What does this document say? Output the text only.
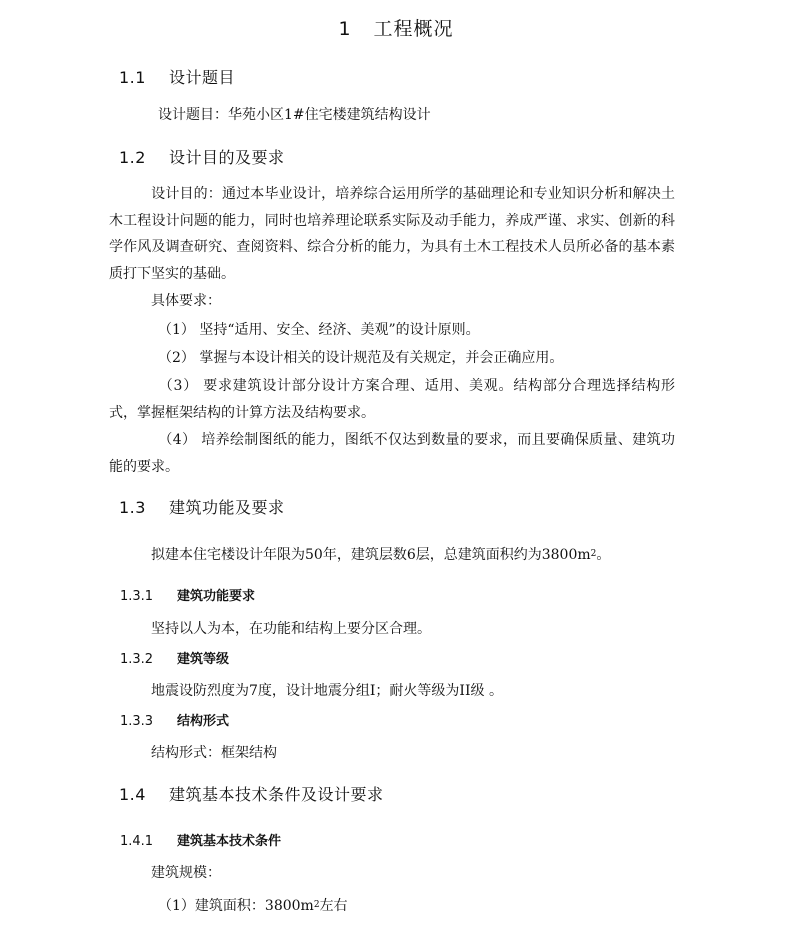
1 工程概况
1.1 设计题目
设计题目：华苑小区1#住宅楼建筑结构设计
1.2 设计目的及要求
设计目的：通过本毕业设计，培养综合运用所学的基础理论和专业知识分析和解决土木工程设计问题的能力，同时也培养理论联系实际及动手能力，养成严谨、求实、创新的科学作风及调查研究、查阅资料、综合分析的能力，为具有土木工程技术人员所必备的基本素质打下坚实的基础。
具体要求：
（1） 坚持“适用、安全、经济、美观”的设计原则。
（2） 掌握与本设计相关的设计规范及有关规定，并会正确应用。
（3） 要求建筑设计部分设计方案合理、适用、美观。结构部分合理选择结构形式，掌握框架结构的计算方法及结构要求。
（4） 培养绘制图纸的能力，图纸不仅达到数量的要求，而且要确保质量、建筑功能的要求。
1.3 建筑功能及要求
拟建本住宅楼设计年限为50年，建筑层数6层，总建筑面积约为$3800m^2$。
1.3.1 建筑功能要求
坚持以人为本，在功能和结构上要分区合理。
1.3.2 建筑等级
地震设防烈度为7度，设计地震分组I；耐火等级为II级 。
1.3.3 结构形式
结构形式：框架结构
1.4 建筑基本技术条件及设计要求
1.4.1 建筑基本技术条件
建筑规模：
（1）建筑面积：$3800m^2$左右
